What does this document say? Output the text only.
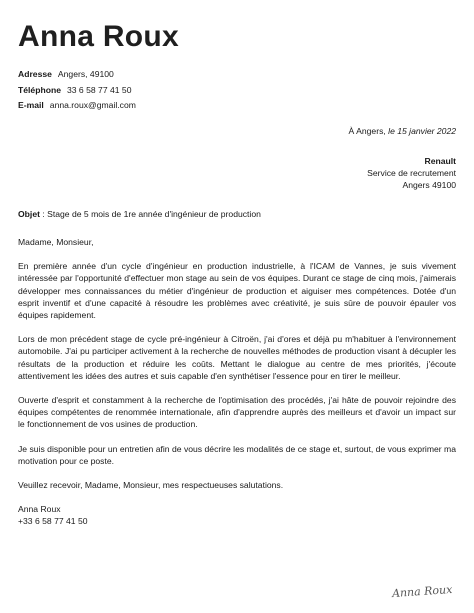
Anna Roux
Adresse Angers, 49100
Téléphone 33 6 58 77 41 50
E-mail anna.roux@gmail.com
À Angers, le 15 janvier 2022
Renault
Service de recrutement
Angers 49100
Objet : Stage de 5 mois de 1re année d'ingénieur de production

Madame, Monsieur,

En première année d'un cycle d'ingénieur en production industrielle, à l'ICAM de Vannes, je suis vivement intéressée par l'opportunité d'effectuer mon stage au sein de vos équipes. Durant ce stage de cinq mois, j'aimerais développer mes connaissances du métier d'ingénieur de production et aiguiser mes compétences. Dotée d'un esprit inventif et d'une capacité à résoudre les problèmes avec créativité, je suis sûre de pouvoir épauler vos équipes rapidement.

Lors de mon précédent stage de cycle pré-ingénieur à Citroën, j'ai d'ores et déjà pu m'habituer à l'environnement automobile. J'ai pu participer activement à la recherche de nouvelles méthodes de production visant à décupler les résultats de la production et réduire les coûts. Mettant le dialogue au centre de mes priorités, j'écoute attentivement les idées des autres et suis capable d'en synthétiser l'essence pour en tirer le meilleur.

Ouverte d'esprit et constamment à la recherche de l'optimisation des procédés, j'ai hâte de pouvoir rejoindre des équipes compétentes de renommée internationale, afin d'apprendre auprès des meilleurs et d'avoir un impact sur le fonctionnement de vos usines de production.

Je suis disponible pour un entretien afin de vous décrire les modalités de ce stage et, surtout, de vous exprimer ma motivation pour ce poste.

Veuillez recevoir, Madame, Monsieur, mes respectueuses salutations.

Anna Roux
+33 6 58 77 41 50
Anna Roux
